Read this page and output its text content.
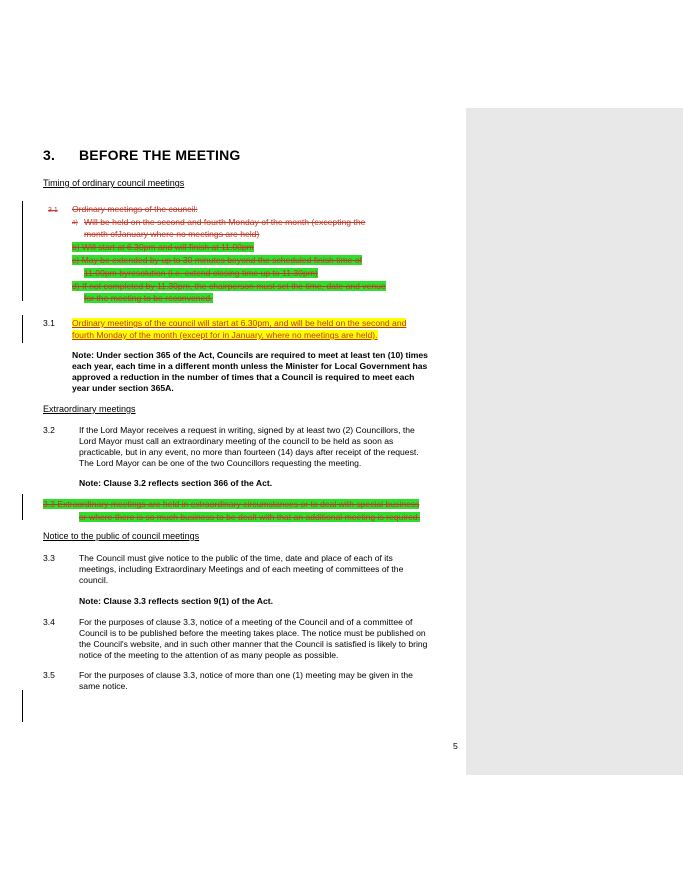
3. BEFORE THE MEETING
Timing of ordinary council meetings
3.1 Ordinary meetings of the council:
a) Will be held on the second and fourth Monday of the month (excepting the
month ofJanuary where no meetings are held)
b) Will start at 6.30pm and will finish at 11.00pm
c) May be extended by up to 30 minutes beyond the scheduled finish time of
11.00pm byresolution (i.e. extend closing time up to 11.30pm)
d) If not completed by 11.30pm, the chairperson must set the time, date and venue
for the meeting to be reconvened.
3.1 Ordinary meetings of the council will start at 6.30pm, and will be held on the second and
fourth Monday of the month (except for in January, where no meetings are held).
Note: Under section 365 of the Act, Councils are required to meet at least ten (10) times
each year, each time in a different month unless the Minister for Local Government has
approved a reduction in the number of times that a Council is required to meet each
year under section 365A.
Extraordinary meetings
3.2	If the Lord Mayor receives a request in writing, signed by at least two (2) Councillors, the
Lord Mayor must call an extraordinary meeting of the council to be held as soon as
practicable, but in any event, no more than fourteen (14) days after receipt of the request.
The Lord Mayor can be one of the two Councillors requesting the meeting.
Note: Clause 3.2 reflects section 366 of the Act.
3.3 Extraordinary meetings are held in extraordinary circumstances or to deal with special business
or where there is so much business to be dealt with that an additional meeting is required.
Notice to the public of council meetings
3.3	The Council must give notice to the public of the time, date and place of each of its
meetings, including Extraordinary Meetings and of each meeting of committees of the
council.
Note: Clause 3.3 reflects section 9(1) of the Act.
3.4	For the purposes of clause 3.3, notice of a meeting of the Council and of a committee of
Council is to be published before the meeting takes place. The notice must be published on
the Council's website, and in such other manner that the Council is satisfied is likely to bring
notice of the meeting to the attention of as many people as possible.
3.5	For the purposes of clause 3.3, notice of more than one (1) meeting may be given in the
same notice.
5
